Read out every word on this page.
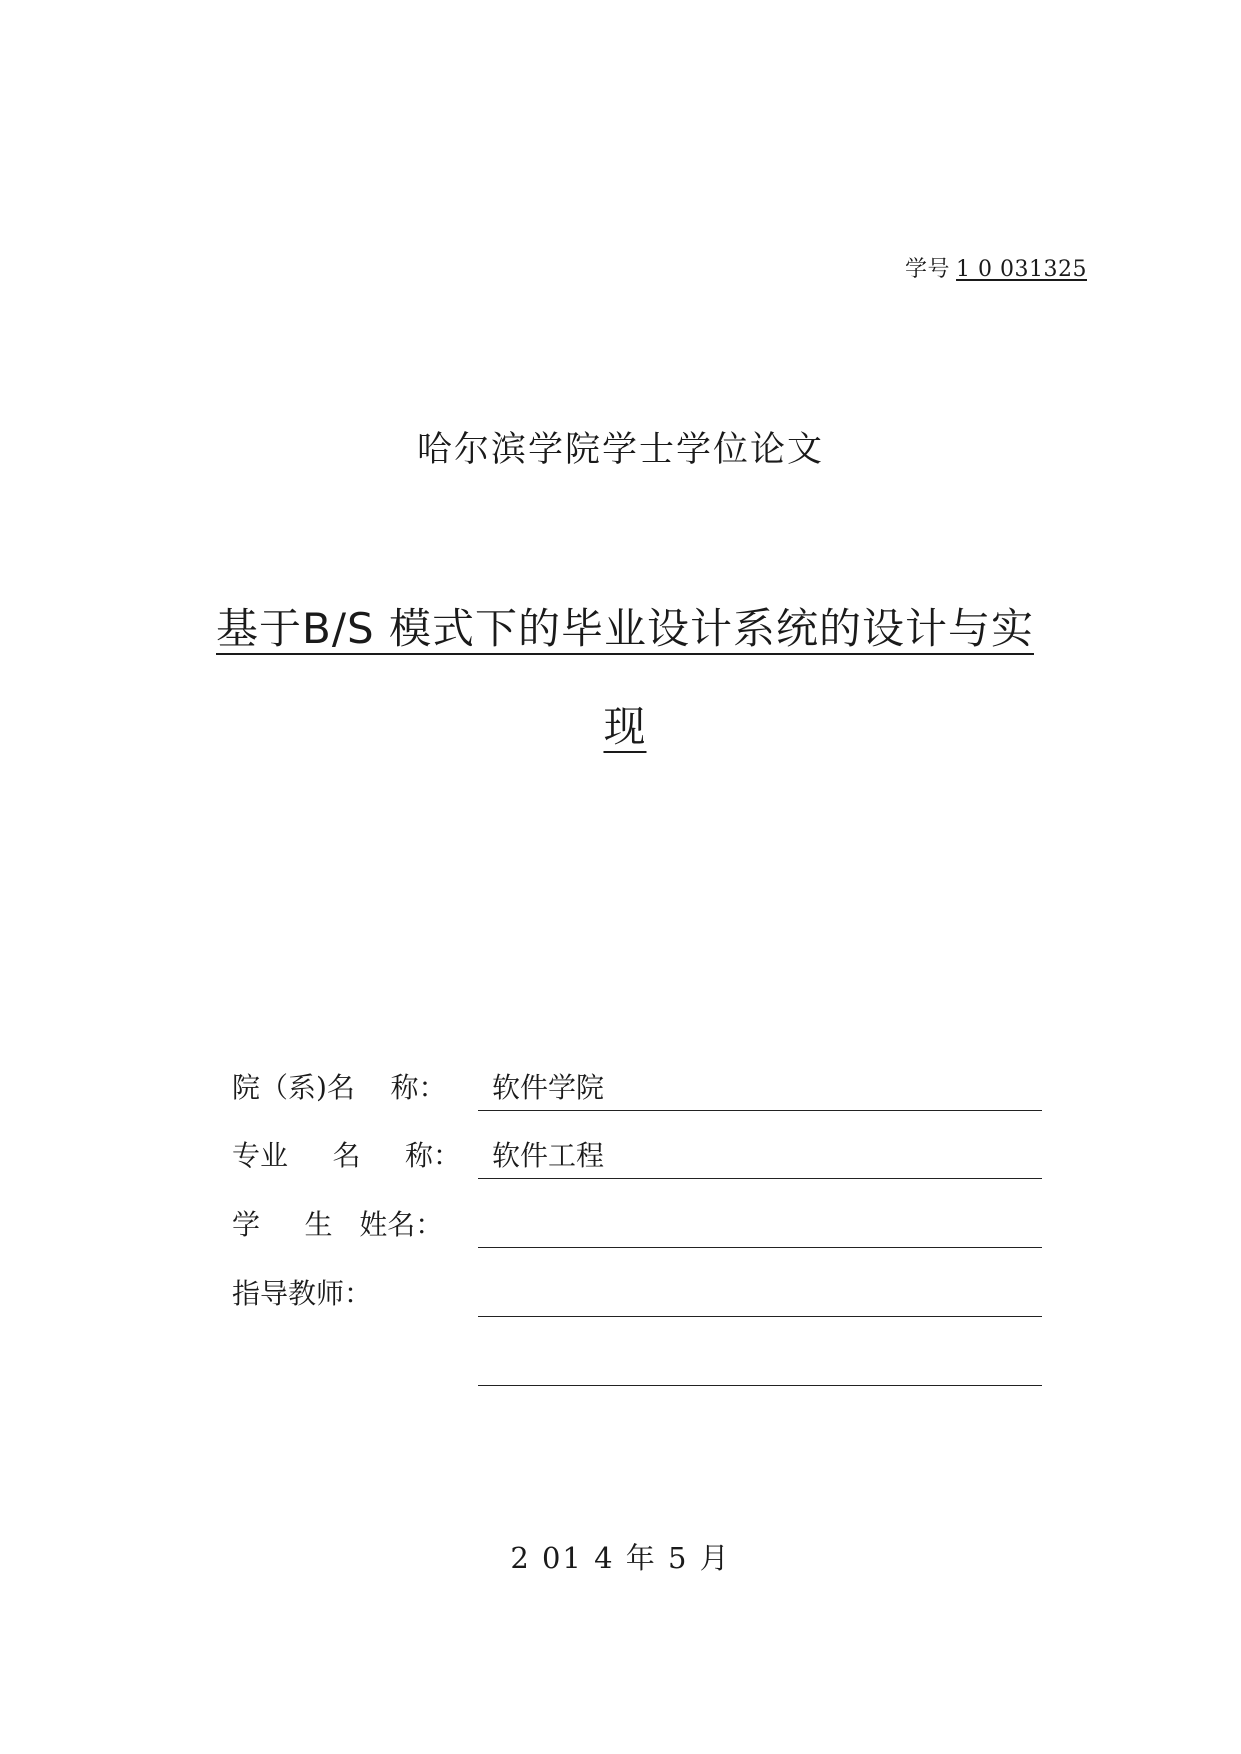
学号 1 0 031325
哈尔滨学院学士学位论文
基于B/S 模式下的毕业设计系统的设计与实
现
院（系)名    称：	软件学院
专业     名     称：	软件工程
学     生   姓名：
指导教师：
2 01 4 年 5 月
